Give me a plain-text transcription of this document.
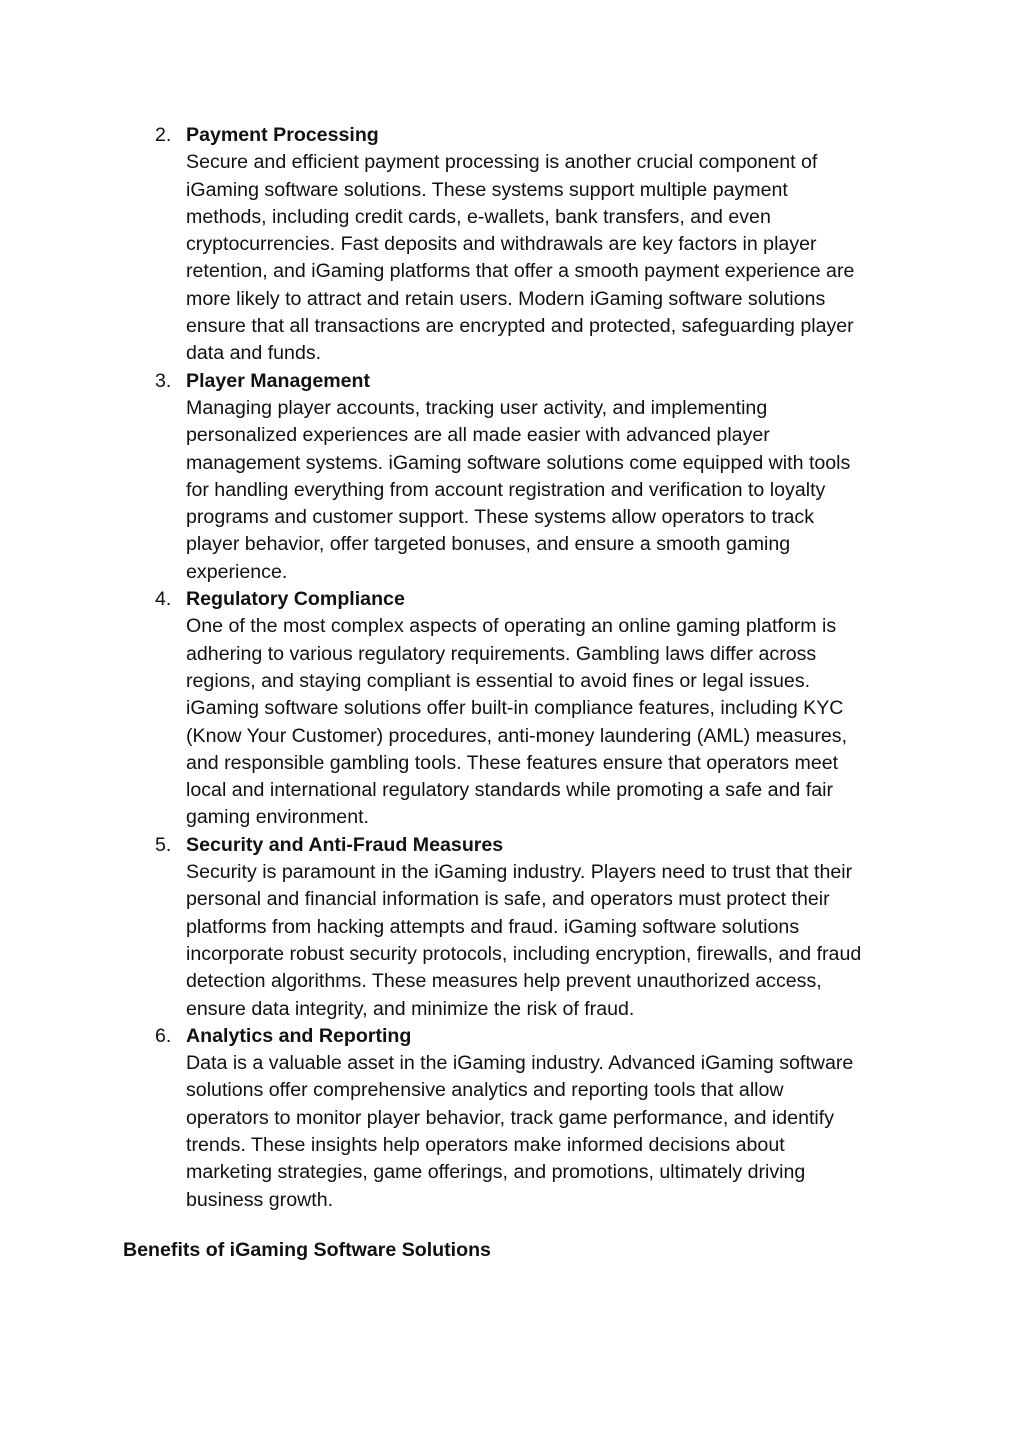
2. Payment Processing
Secure and efficient payment processing is another crucial component of
iGaming software solutions. These systems support multiple payment
methods, including credit cards, e-wallets, bank transfers, and even
cryptocurrencies. Fast deposits and withdrawals are key factors in player
retention, and iGaming platforms that offer a smooth payment experience are
more likely to attract and retain users. Modern iGaming software solutions
ensure that all transactions are encrypted and protected, safeguarding player
data and funds.
3. Player Management
Managing player accounts, tracking user activity, and implementing
personalized experiences are all made easier with advanced player
management systems. iGaming software solutions come equipped with tools
for handling everything from account registration and verification to loyalty
programs and customer support. These systems allow operators to track
player behavior, offer targeted bonuses, and ensure a smooth gaming
experience.
4. Regulatory Compliance
One of the most complex aspects of operating an online gaming platform is
adhering to various regulatory requirements. Gambling laws differ across
regions, and staying compliant is essential to avoid fines or legal issues.
iGaming software solutions offer built-in compliance features, including KYC
(Know Your Customer) procedures, anti-money laundering (AML) measures,
and responsible gambling tools. These features ensure that operators meet
local and international regulatory standards while promoting a safe and fair
gaming environment.
5. Security and Anti-Fraud Measures
Security is paramount in the iGaming industry. Players need to trust that their
personal and financial information is safe, and operators must protect their
platforms from hacking attempts and fraud. iGaming software solutions
incorporate robust security protocols, including encryption, firewalls, and fraud
detection algorithms. These measures help prevent unauthorized access,
ensure data integrity, and minimize the risk of fraud.
6. Analytics and Reporting
Data is a valuable asset in the iGaming industry. Advanced iGaming software
solutions offer comprehensive analytics and reporting tools that allow
operators to monitor player behavior, track game performance, and identify
trends. These insights help operators make informed decisions about
marketing strategies, game offerings, and promotions, ultimately driving
business growth.
Benefits of iGaming Software Solutions
